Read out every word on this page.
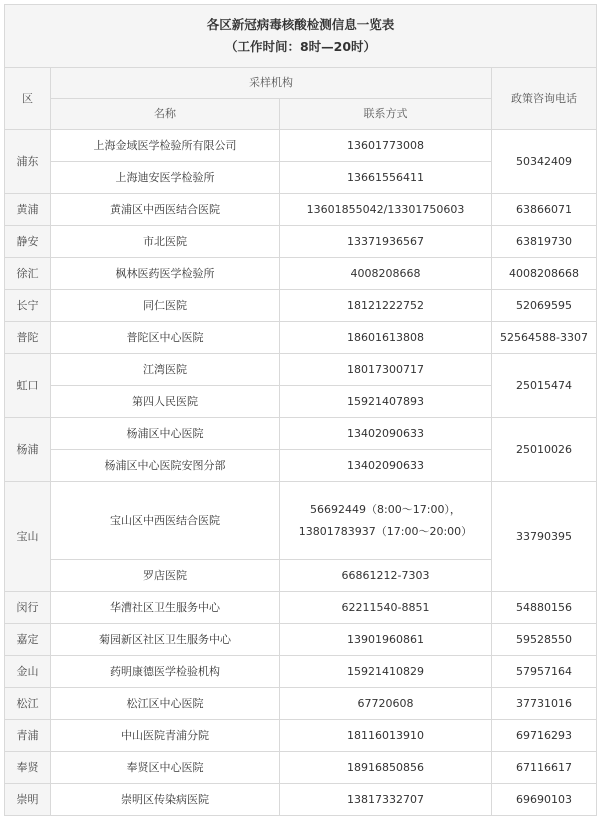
各区新冠病毒核酸检测信息一览表
（工作时间：8时—20时）			

区	采样机构		政策咨询电话
	名称	联系方式	
浦东	上海金域医学检验所有限公司	13601773008	50342409
	上海迪安医学检验所	13661556411	
黄浦	黄浦区中西医结合医院	13601855042/13301750603	63866071
静安	市北医院	13371936567	63819730
徐汇	枫林医药医学检验所	4008208668	4008208668
长宁	同仁医院	18121222752	52069595
普陀	普陀区中心医院	18601613808	52564588-3307
虹口	江湾医院	18017300717	25015474
	第四人民医院	15921407893	
杨浦	杨浦区中心医院	13402090633	25010026
	杨浦区中心医院安图分部	13402090633	
宝山	宝山区中西医结合医院	56692449（8:00～17:00），13801783937（17:00～20:00）	33790395
	罗店医院	66861212-7303	
闵行	华漕社区卫生服务中心	62211540-8851	54880156
嘉定	菊园新区社区卫生服务中心	13901960861	59528550
金山	药明康德医学检验机构	15921410829	57957164
松江	松江区中心医院	67720608	37731016
青浦	中山医院青浦分院	18116013910	69716293
奉贤	奉贤区中心医院	18916850856	67116617
崇明	崇明区传染病医院	13817332707	69690103
